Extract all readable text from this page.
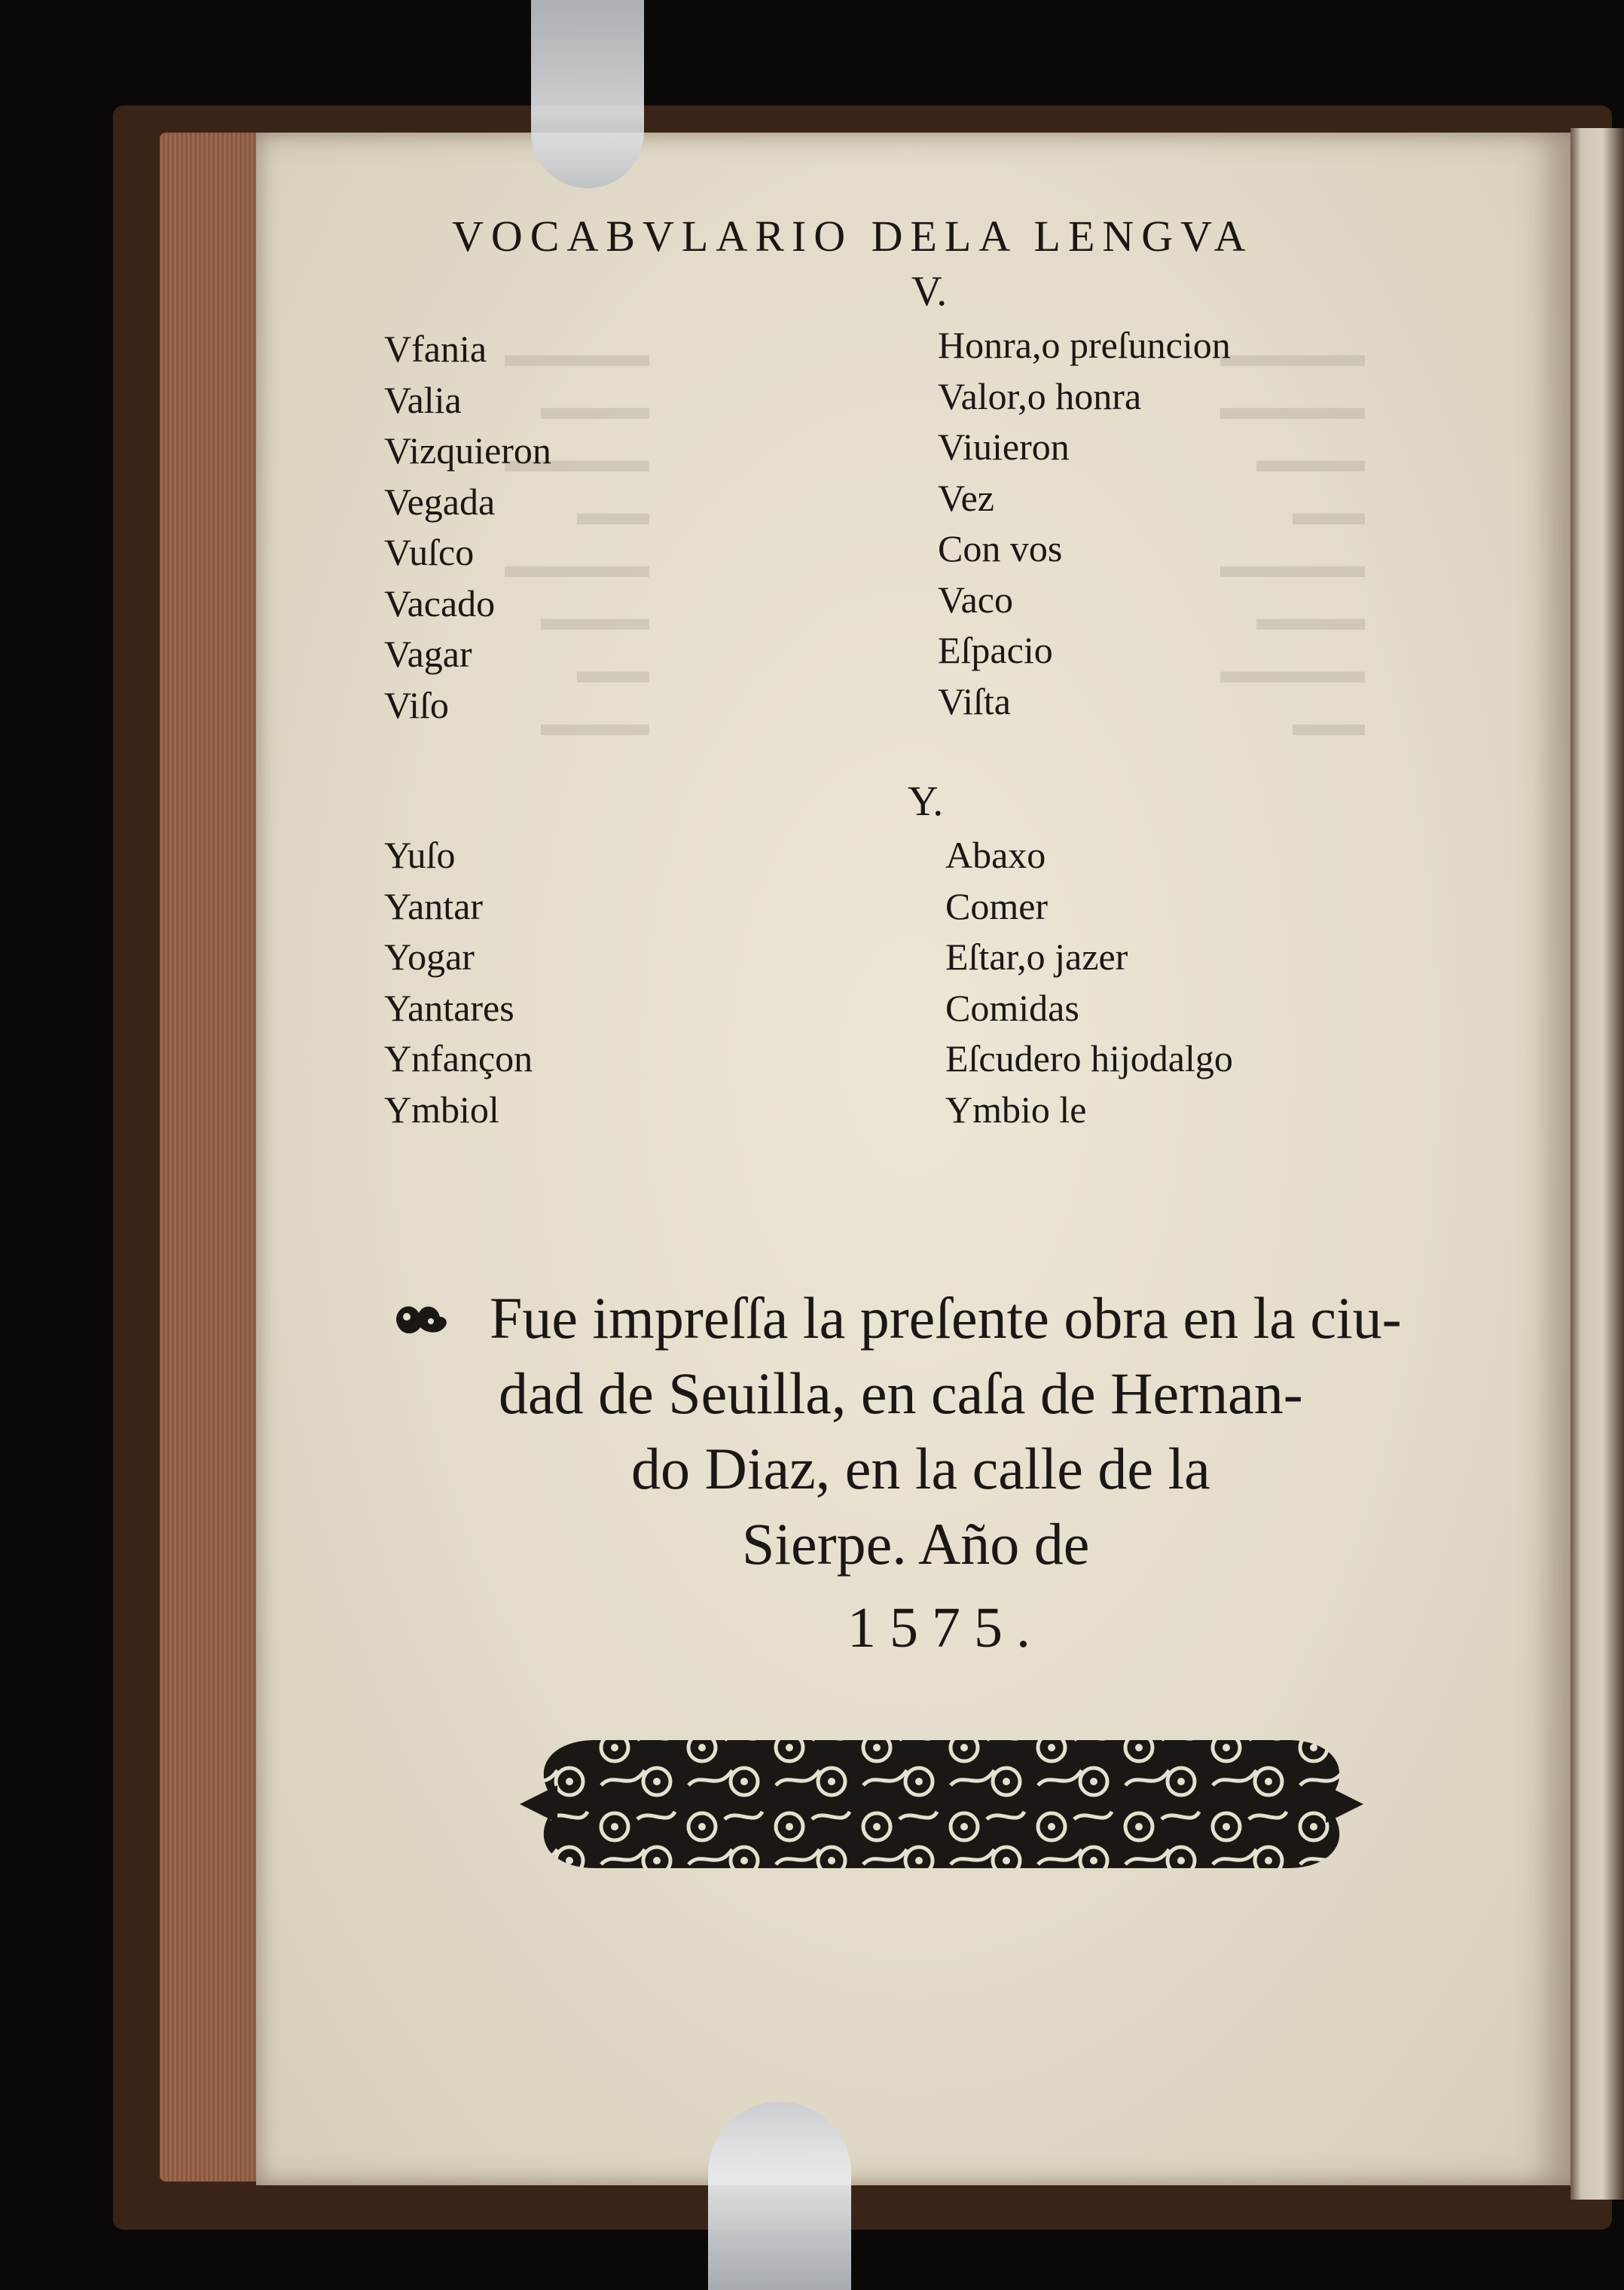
▬▬▬▬
▬▬▬
▬▬▬▬
▬▬
▬▬▬▬
▬▬▬
▬▬
▬▬▬
▬▬▬▬
▬▬▬▬
▬▬▬
▬▬
▬▬▬▬
▬▬▬
▬▬▬▬
▬▬
VOCABVLARIO DELA LENGVA
V.
Vfania
Valia
Vizquieron
Vegada
Vuſco
Vacado
Vagar
Viſo
Honra,o preſuncion
Valor,o honra
Viuieron
Vez
Con vos
Vaco
Eſpacio
Viſta
Y.
Yuſo
Yantar
Yogar
Yantares
Ynfançon
Ymbiol
Abaxo
Comer
Eſtar,o jazer
Comidas
Eſcudero hijodalgo
Ymbio le
Fue impreſſa la preſente obra en la ciu-
dad de Seuilla, en caſa de Hernan-
do Diaz, en la calle de la
Sierpe. Año de
1575.
